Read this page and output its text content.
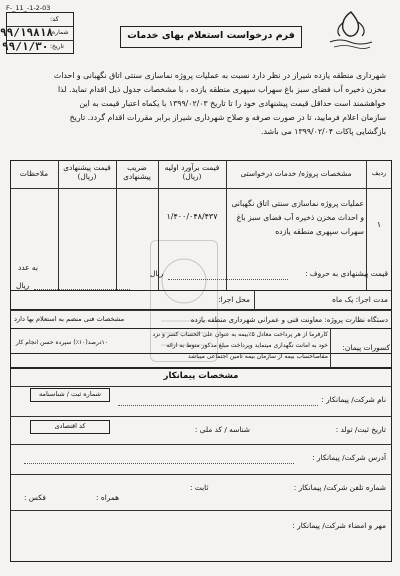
فرم درخواست استعلام بهای خدمات
F-_11_-1-2-03
کد:
شماره:
۹۹/۱۹۸۱۸
تاریخ:
۹۹/۱/۳۰
شهرداری منطقه یازده شیراز در نظر دارد نسبت به عملیات پروژه نماسازی سنتی اتاق نگهبانی و احداث
مخزن ذخیره آب فضای سبز باغ سهراب سپهری منطقه یازده ، با مشخصات جدول ذیل اقدام نماید. لذا
خواهشمند است حداقل قیمت پیشنهادی خود را تا تاریخ ۱۳۹۹/۰۲/۰۳ با یکماه اعتبار قیمت به این
سازمان اعلام فرمایید، تا در صورت صرفه و صلاح شهرداری شیراز برابر مقررات اقدام گردد. تاریخ
بازگشایی پاکات ۱۳۹۹/۰۲/۰۴ می باشد.
ردیف
مشخصات پروژه/ خدمات درخواستی
قیمت برآورد اولیه (ریال)
ضریب پیشنهادی
قیمت پیشنهادی (ریال)
ملاحظات
۱
عملیات پروژه نماسازی سنتی اتاق نگهبانی
و احداث مخزن ذخیره آب فضای سبز باغ
سهراب سپهری منطقه یازده
۱/۴۰۰/۰۴۸/۴۳۷
قیمت پیشنهادی به حروف :
ریال
به عدد
ریال
مدت اجرا: یک ماه
محل اجرا:
دستگاه نظارت پروژه: معاونت فنی و عمرانی شهرداری منطقه یازده
مشخصات فنی منضم به استعلام بها دارد
کسورات پیمان:
کارفرما از هر پرداخت معادل ۵٪بیمه به عنوان علی الحساب کسر و نزد
خود به امانت نگهداری مینماید وپرداخت مبلغ مذکور منوط به ارائه
مفاصاحساب بیمه از سازمان بیمه تامین اجتماعی میباشد
۱۰درصد(۱۰٪) سپرده حسن انجام کار
مشخصات پیمانکار
شماره ثبت / شناسنامه
نام شرکت/ پیمانکار :
تاریخ ثبت/ تولد :
شناسه / کد ملی :
کد اقتصادی
آدرس شرکت/ پیمانکار :
شماره تلفن شرکت/ پیمانکار :
ثابت :
همراه :
فکس :
مهر و امضاء شرکت/ پیمانکار :
